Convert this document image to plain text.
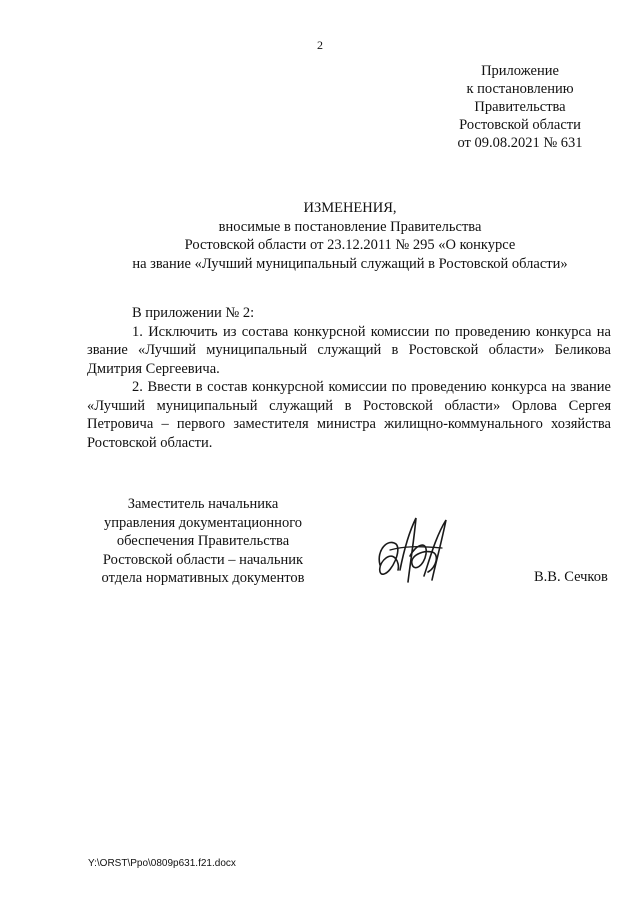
2
Приложение
к постановлению
Правительства
Ростовской области
от 09.08.2021 № 631
ИЗМЕНЕНИЯ,
вносимые в постановление Правительства
Ростовской области от 23.12.2011 № 295 «О конкурсе
на звание «Лучший муниципальный служащий в Ростовской области»

В приложении № 2:

1. Исключить из состава конкурсной комиссии по проведению конкурса на звание «Лучший муниципальный служащий в Ростовской области» Беликова Дмитрия Сергеевича.

2. Ввести в состав конкурсной комиссии по проведению конкурса на звание «Лучший муниципальный служащий в Ростовской области» Орлова Сергея Петровича – первого заместителя министра жилищно-коммунального хозяйства Ростовской области.

Заместитель начальника
управления документационного
обеспечения Правительства
Ростовской области – начальник
отдела нормативных документов	В.В. Сечков
Y:\ORST\Ppo\0809p631.f21.docx
